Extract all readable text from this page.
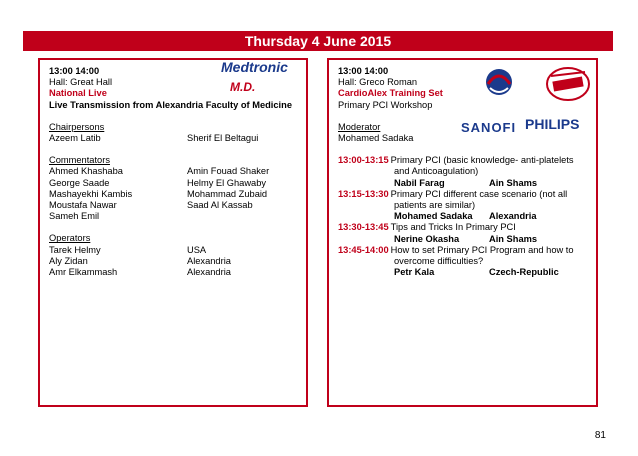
Thursday 4 June 2015
Medtronic
M.D.
13:00 14:00
Hall: Great Hall
National Live
Live Transmission from Alexandria Faculty of Medicine
Chairpersons
Azeem Latib	Sherif El Beltagui
Commentators
Ahmed Khashaba	Amin Fouad Shaker
George Saade	Helmy El Ghawaby
Mashayekhi Kambis	Mohammad Zubaid
Moustafa Nawar	Saad Al Kassab
Sameh Emil
Operators
Tarek Helmy	USA
Aly Zidan	Alexandria
Amr Elkammash	Alexandria
SANOFI PHILIPS
13:00 14:00
Hall: Greco Roman
CardioAlex Training Set
Primary PCI Workshop
Moderator
Mohamed Sadaka
13:00-13:15 Primary PCI (basic knowledge- anti-platelets
and Anticoagulation)
Nabil Farag	Ain Shams
13:15-13:30 Primary PCI different case scenario (not all
patients are similar)
Mohamed Sadaka	Alexandria
13:30-13:45 Tips and Tricks In Primary PCI
Nerine Okasha	Ain Shams
13:45-14:00 How to set Primary PCI Program and how to
overcome difficulties?
Petr Kala	Czech-Republic
81
